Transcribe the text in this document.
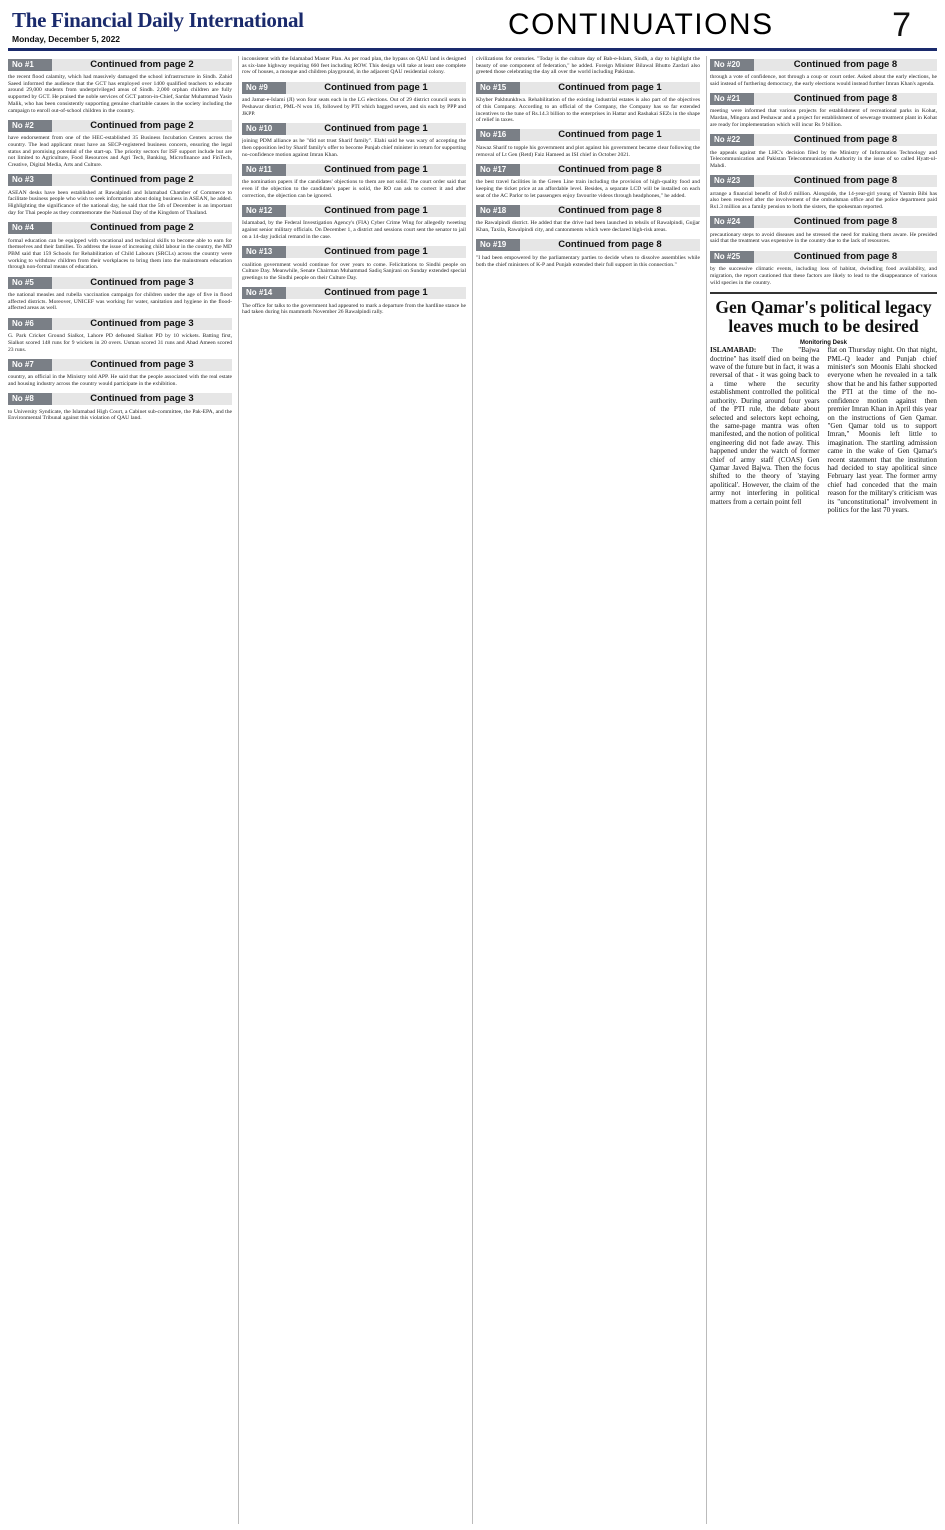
The Financial Daily International
Monday, December 5, 2022	CONTINUATIONS	7
No #1	Continued from page 2
the recent flood calamity, which had massively damaged the school infrastructure in Sindh. Zahid Saeed informed the audience that the GCT has employed over 1400 qualified teachers to educate around 29,000 students from underprivileged areas of Sindh. 2,000 orphan children are fully supported by GCT. He praised the noble services of GCT patron-in-Chief, Sardar Muhammad Yasin Malik, who has been consistently supporting genuine charitable causes in the society including the campaign to enroll out-of-school children in the country.
No #2	Continued from page 2
have endorsement from one of the HEC-established 35 Business Incubation Centers across the country. The lead applicant must have an SECP-registered business concern, ensuring the legal status and promising potential of the start-up. The priority sectors for ISF support include but are not limited to Agriculture, Food Resources and Agri Tech, Banking, Microfinance and FinTech, Creative, Digital Media, Arts and Culture.
No #3	Continued from page 2
ASEAN desks have been established at Rawalpindi and Islamabad Chamber of Commerce to facilitate business people who wish to seek information about doing business in ASEAN, he added. Highlighting the significance of the national day, he said that the 5th of December is an important day for Thai people as they commemorate the National Day of the Kingdom of Thailand.
No #4	Continued from page 2
formal education can be equipped with vocational and technical skills to become able to earn for themselves and their families. To address the issue of increasing child labour in the country, the MD PBM said that 159 Schools for Rehabilitation of Child Labours (SRCLs) across the country were working to withdraw children from their workplaces to bring them into the mainstream education through non-formal means of education.
No #5	Continued from page 3
the national measles and rubella vaccination campaign for children under the age of five in flood affected districts. Moreover, UNICEF was working for water, sanitation and hygiene in the flood-affected areas as well.
No #6	Continued from page 3
G. Park Cricket Ground Sialkot, Lahore PD defeated Sialkot PD by 10 wickets. Batting first, Sialkot scored 148 runs for 9 wickets in 20 overs. Usman scored 31 runs and Ahad Ameen scored 23 runs.
No #7	Continued from page 3
country, an official in the Ministry told APP. He said that the people associated with the real estate and housing industry across the country would participate in the exhibition.
No #8	Continued from page 3
to University Syndicate, the Islamabad High Court, a Cabinet sub-committee, the Pak-EPA, and the Environmental Tribunal against this violation of QAU land.
inconsistent with the Islamabad Master Plan. As per road plan, the bypass on QAU land is designed as six-lane highway requiring 660 feet including ROW. This design will take at least one complete row of houses, a mosque and children playground, in the adjacent QAU residential colony.
No #9	Continued from page 1
and Jamat-e-Islami (JI) won four seats each in the LG elections. Out of 29 district council seats in Peshawar district, PML-N won 16, followed by PTI which bagged seven, and six each by PPP and JKPP.
No #10	Continued from page 1
joining PDM alliance as he "did not trust Sharif family". Elahi said he was wary of accepting the then opposition led by Sharif family's offer to become Punjab chief minister in return for supporting no-confidence motion against Imran Khan.
No #11	Continued from page 1
the nomination papers if the candidates' objections to them are not solid. The court order said that even if the objection to the candidate's paper is solid, the RO can ask to correct it and after correction, the objection can be ignored.
No #12	Continued from page 1
Islamabad, by the Federal Investigation Agency's (FIA) Cyber Crime Wing for allegedly tweeting against senior military officials. On December 1, a district and sessions court sent the senator to jail on a 14-day judicial remand in the case.
No #13	Continued from page 1
coalition government would continue for over years to come. Felicitations to Sindhi people on Culture Day. Meanwhile, Senate Chairman Muhammad Sadiq Sanjrani on Sunday extended special greetings to the Sindhi people on their Culture Day.
No #14	Continued from page 1
The office for talks to the government had appeared to mark a departure from the hardline stance he had taken during his mammoth November 26 Rawalpindi rally.
civilizations for centuries. "Today is the culture day of Bab-e-Islam, Sindh, a day to highlight the beauty of one component of federation," he added. Foreign Minister Bilawal Bhutto Zardari also greeted those celebrating the day all over the world including Pakistan.
No #15	Continued from page 1
Khyber Pakhtunkhwa. Rehabilitation of the existing industrial estates is also part of the objectives of this Company. According to an official of the Company, the Company has so far extended incentives to the tune of Rs.14.3 billion to the enterprises in Hattar and Rashakai SEZs in the shape of relief in taxes.
No #16	Continued from page 1
Nawaz Sharif to topple his government and plot against his government became clear following the removal of Lt Gen (Retd) Faiz Hameed as ISI chief in October 2021.
No #17	Continued from page 8
the best travel facilities in the Green Line train including the provision of high-quality food and keeping the ticket price at an affordable level. Besides, a separate LCD will be installed on each seat of the AC Parlor to let passengers enjoy favourite videos through headphones," he added.
No #18	Continued from page 8
the Rawalpindi district. He added that the drive had been launched in tehsils of Rawalpindi, Gujjar Khan, Taxila, Rawalpindi city, and cantonments which were declared high-risk areas.
No #19	Continued from page 8
"I had been empowered by the parliamentary parties to decide when to dissolve assemblies while both the chief ministers of K-P and Punjab extended their full support in this connection."
No #20	Continued from page 8
through a vote of confidence, not through a coup or court order. Asked about the early elections, he said instead of furthering democracy, the early elections would instead further Imran Khan's agenda.
No #21	Continued from page 8
meeting were informed that various projects for establishment of recreational parks in Kohat, Mardan, Mingora and Peshawar and a project for establishment of sewerage treatment plant in Kohat are ready for implementation which will incur Rs 9 billion.
No #22	Continued from page 8
the appeals against the LHC's decision filed by the Ministry of Information Technology and Telecommunication and Pakistan Telecommunication Authority in the issue of so called Hyatt-ul-Mahdi.
No #23	Continued from page 8
arrange a financial benefit of Rs0.6 million. Alongside, the 14-year-girl young of Yasmin Bibi has also been resolved after the involvement of the ombudsman office and the police department paid Rs1.3 million as a family pension to both the sisters, the spokesman reported.
No #24	Continued from page 8
precautionary steps to avoid diseases and he stressed the need for making them aware. He presided said that the treatment was expensive in the country due to the lack of resources.
No #25	Continued from page 8
by the successive climatic events, including loss of habitat, dwindling food availability, and migration, the report cautioned that these factors are likely to lead to the disappearance of various wild species in the country.
Gen Qamar's political legacy leaves much to be desired
Monitoring Desk
ISLAMABAD: The "Bajwa doctrine" has itself died on being the wave of the future but in fact, it was a reversal of that - it was going back to a time where the security establishment controlled the political authority. During around four years of the PTI rule, the debate about selected and selectors kept echoing, the same-page mantra was often manifested, and the notion of political engineering did not fade away. This happened under the watch of former chief of army staff (COAS) Gen Qamar Javed Bajwa. Then the focus shifted to the theory of 'staying apolitical'. However, the claim of the army not interfering in political matters from a certain point fell
flat on Thursday night. On that night, PML-Q leader and Punjab chief minister's son Moonis Elahi shocked everyone when he revealed in a talk show that he and his father supported the PTI at the time of the no-confidence motion against then premier Imran Khan in April this year on the instructions of Gen Qamar. "Gen Qamar told us to support Imran," Moonis left little to imagination. The startling admission came in the wake of Gen Qamar's recent statement that the institution had decided to stay apolitical since February last year. The former army chief had conceded that the main reason for the military's criticism was its "unconstitutional" involvement in politics for the last 70 years.
